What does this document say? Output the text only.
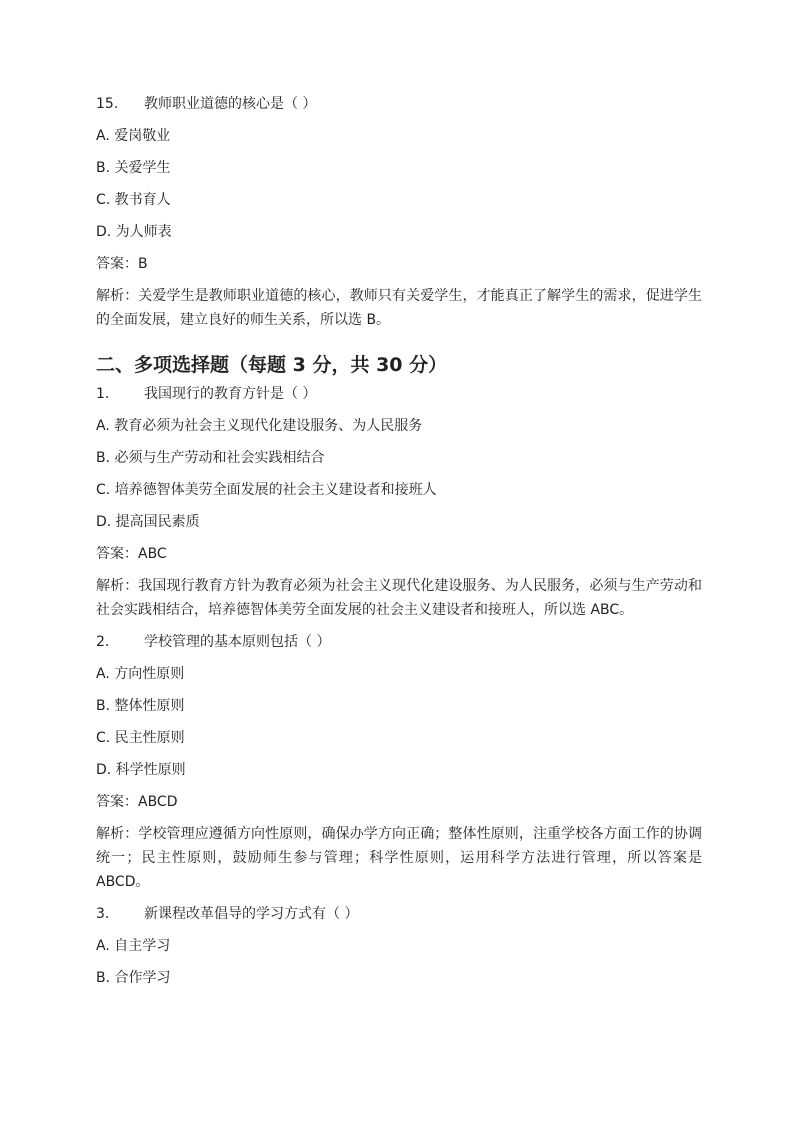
15. 教师职业道德的核心是（ ）
A. 爱岗敬业
B. 关爱学生
C. 教书育人
D. 为人师表
答案：B
解析：关爱学生是教师职业道德的核心，教师只有关爱学生，才能真正了解学生的需求，促进学生的全面发展，建立良好的师生关系，所以选 B。
二、多项选择题（每题 3 分，共 30 分）
1. 我国现行的教育方针是（ ）
A. 教育必须为社会主义现代化建设服务、为人民服务
B. 必须与生产劳动和社会实践相结合
C. 培养德智体美劳全面发展的社会主义建设者和接班人
D. 提高国民素质
答案：ABC
解析：我国现行教育方针为教育必须为社会主义现代化建设服务、为人民服务，必须与生产劳动和社会实践相结合，培养德智体美劳全面发展的社会主义建设者和接班人，所以选 ABC。
2. 学校管理的基本原则包括（ ）
A. 方向性原则
B. 整体性原则
C. 民主性原则
D. 科学性原则
答案：ABCD
解析：学校管理应遵循方向性原则，确保办学方向正确；整体性原则，注重学校各方面工作的协调统一；民主性原则，鼓励师生参与管理；科学性原则，运用科学方法进行管理，所以答案是 ABCD。
3. 新课程改革倡导的学习方式有（ ）
A. 自主学习
B. 合作学习
